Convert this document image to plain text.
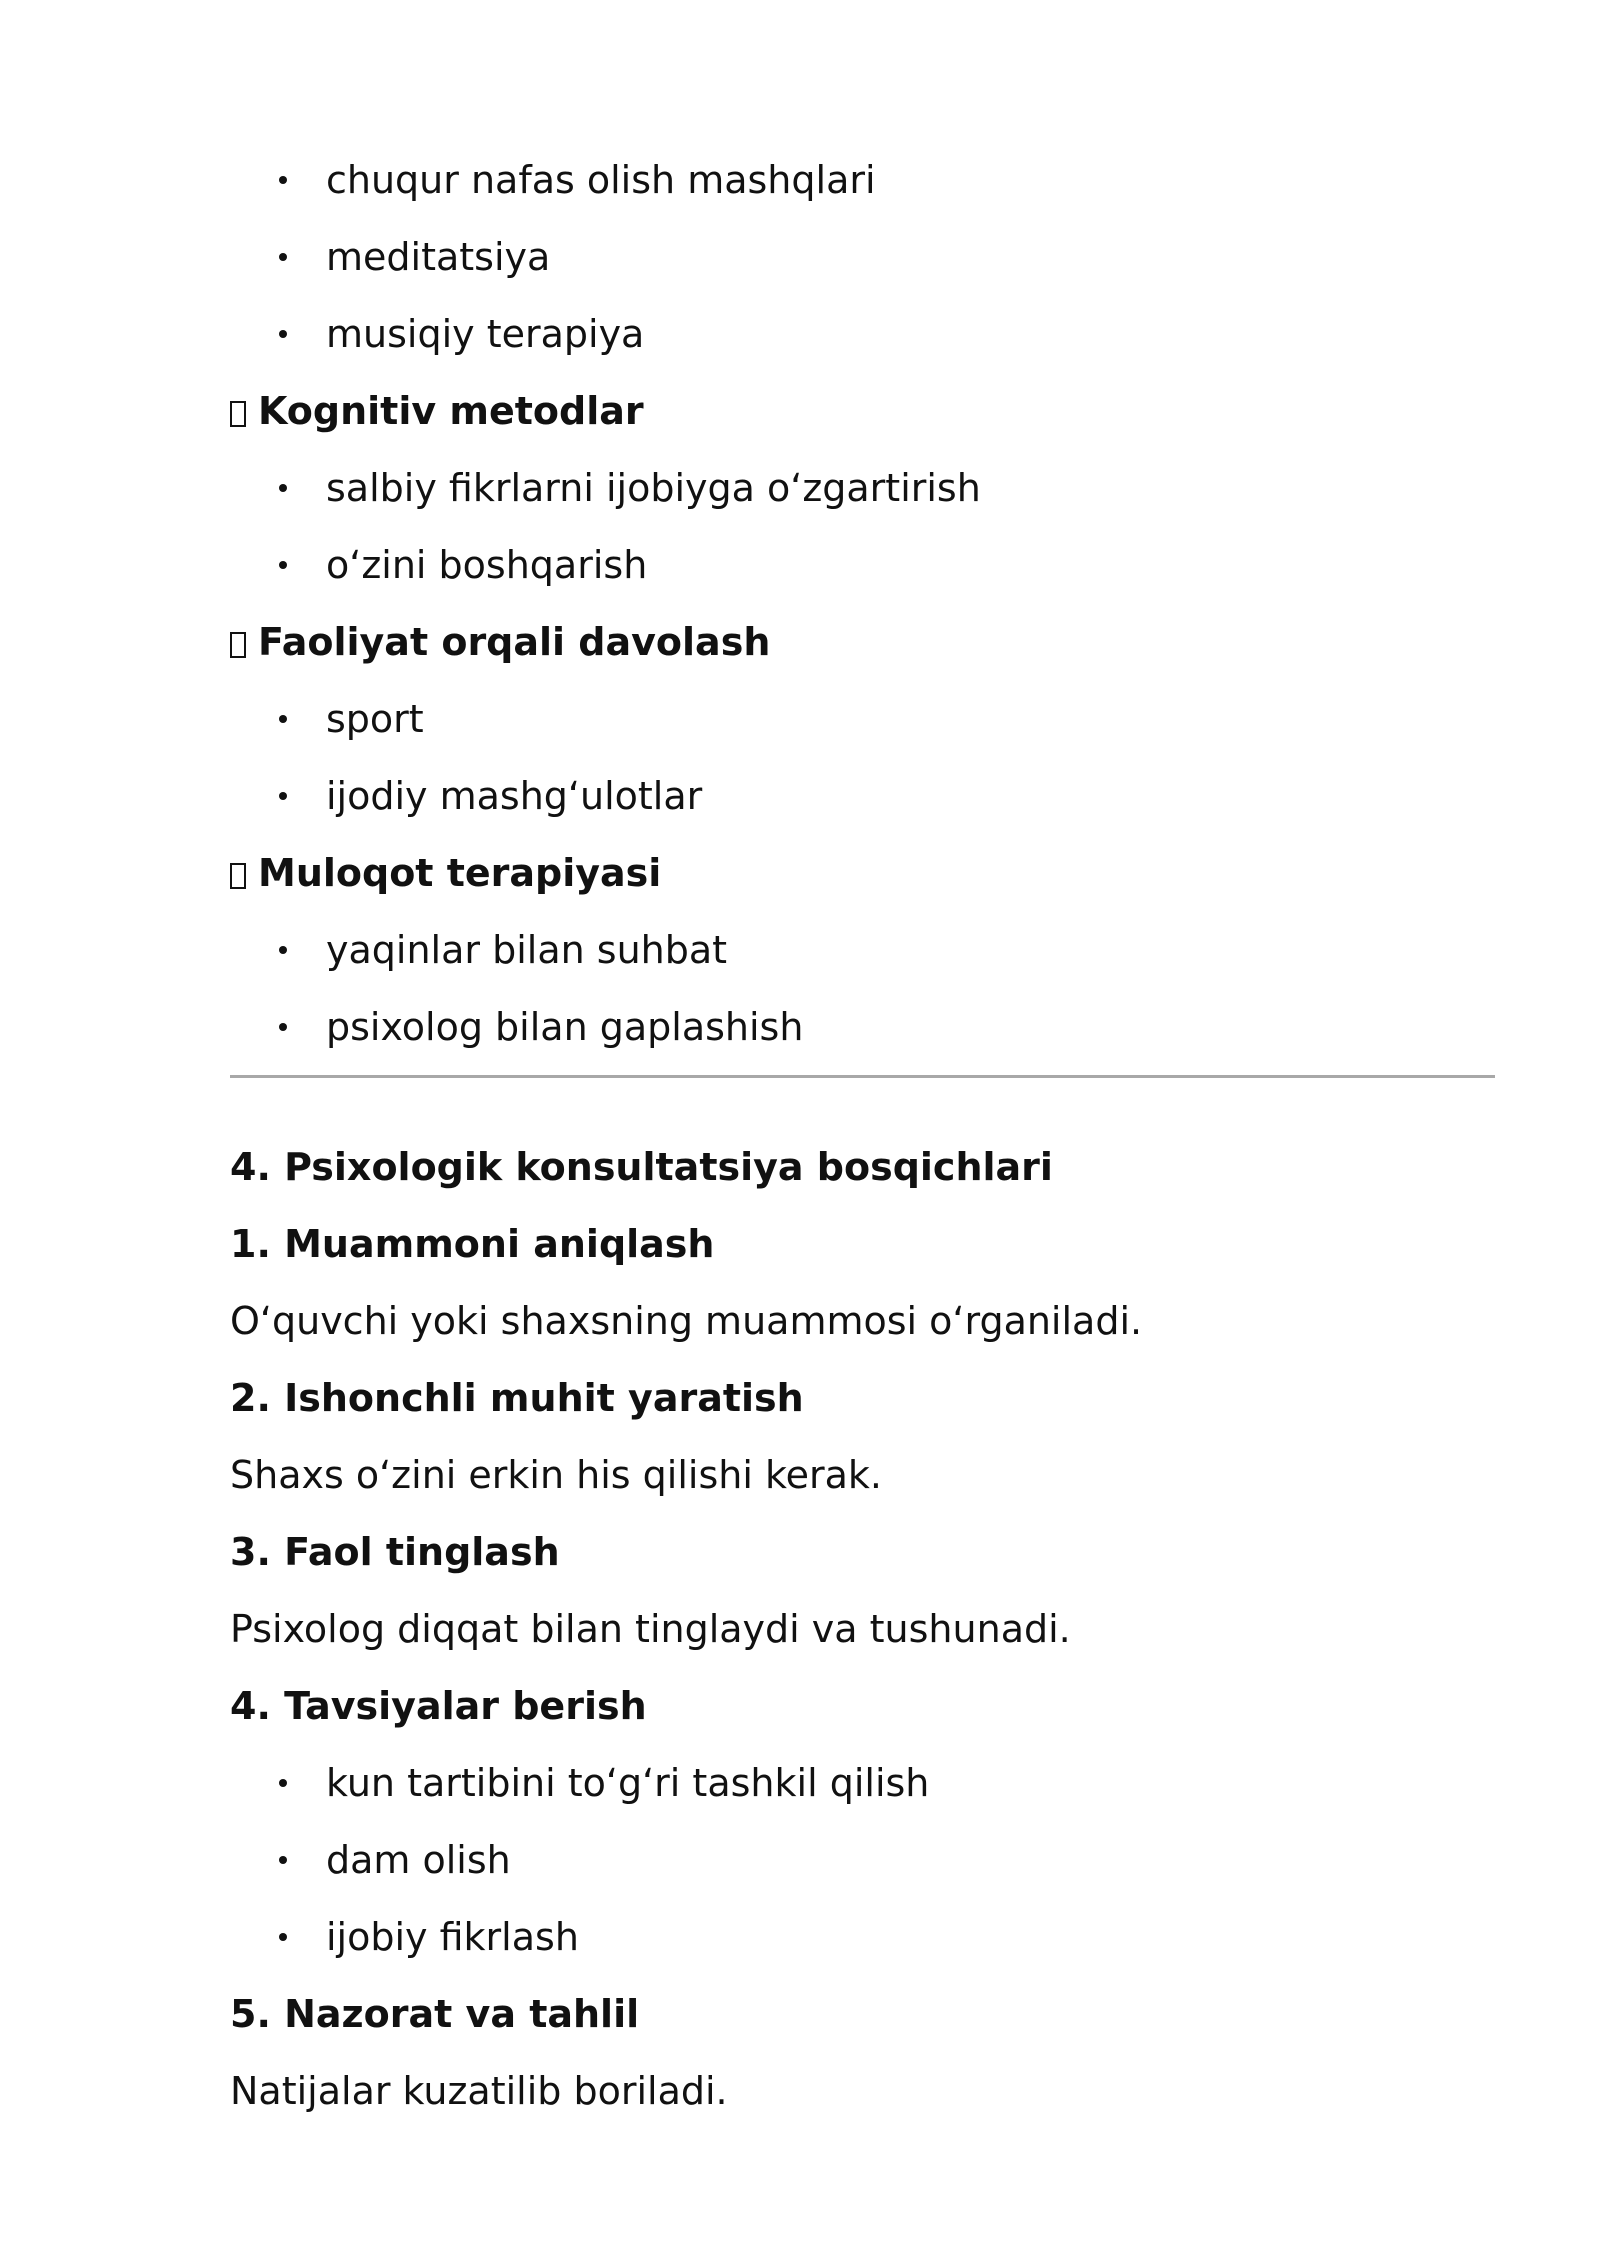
chuqur nafas olish mashqlari
meditatsiya
musiqiy terapiya
Kognitiv metodlar
salbiy fikrlarni ijobiyga o‘zgartirish
o‘zini boshqarish
Faoliyat orqali davolash
sport
ijodiy mashg‘ulotlar
Muloqot terapiyasi
yaqinlar bilan suhbat
psixolog bilan gaplashish
4. Psixologik konsultatsiya bosqichlari
1. Muammoni aniqlash
O‘quvchi yoki shaxsning muammosi o‘rganiladi.
2. Ishonchli muhit yaratish
Shaxs o‘zini erkin his qilishi kerak.
3. Faol tinglash
Psixolog diqqat bilan tinglaydi va tushunadi.
4. Tavsiyalar berish
kun tartibini to‘g‘ri tashkil qilish
dam olish
ijobiy fikrlash
5. Nazorat va tahlil
Natijalar kuzatilib boriladi.
